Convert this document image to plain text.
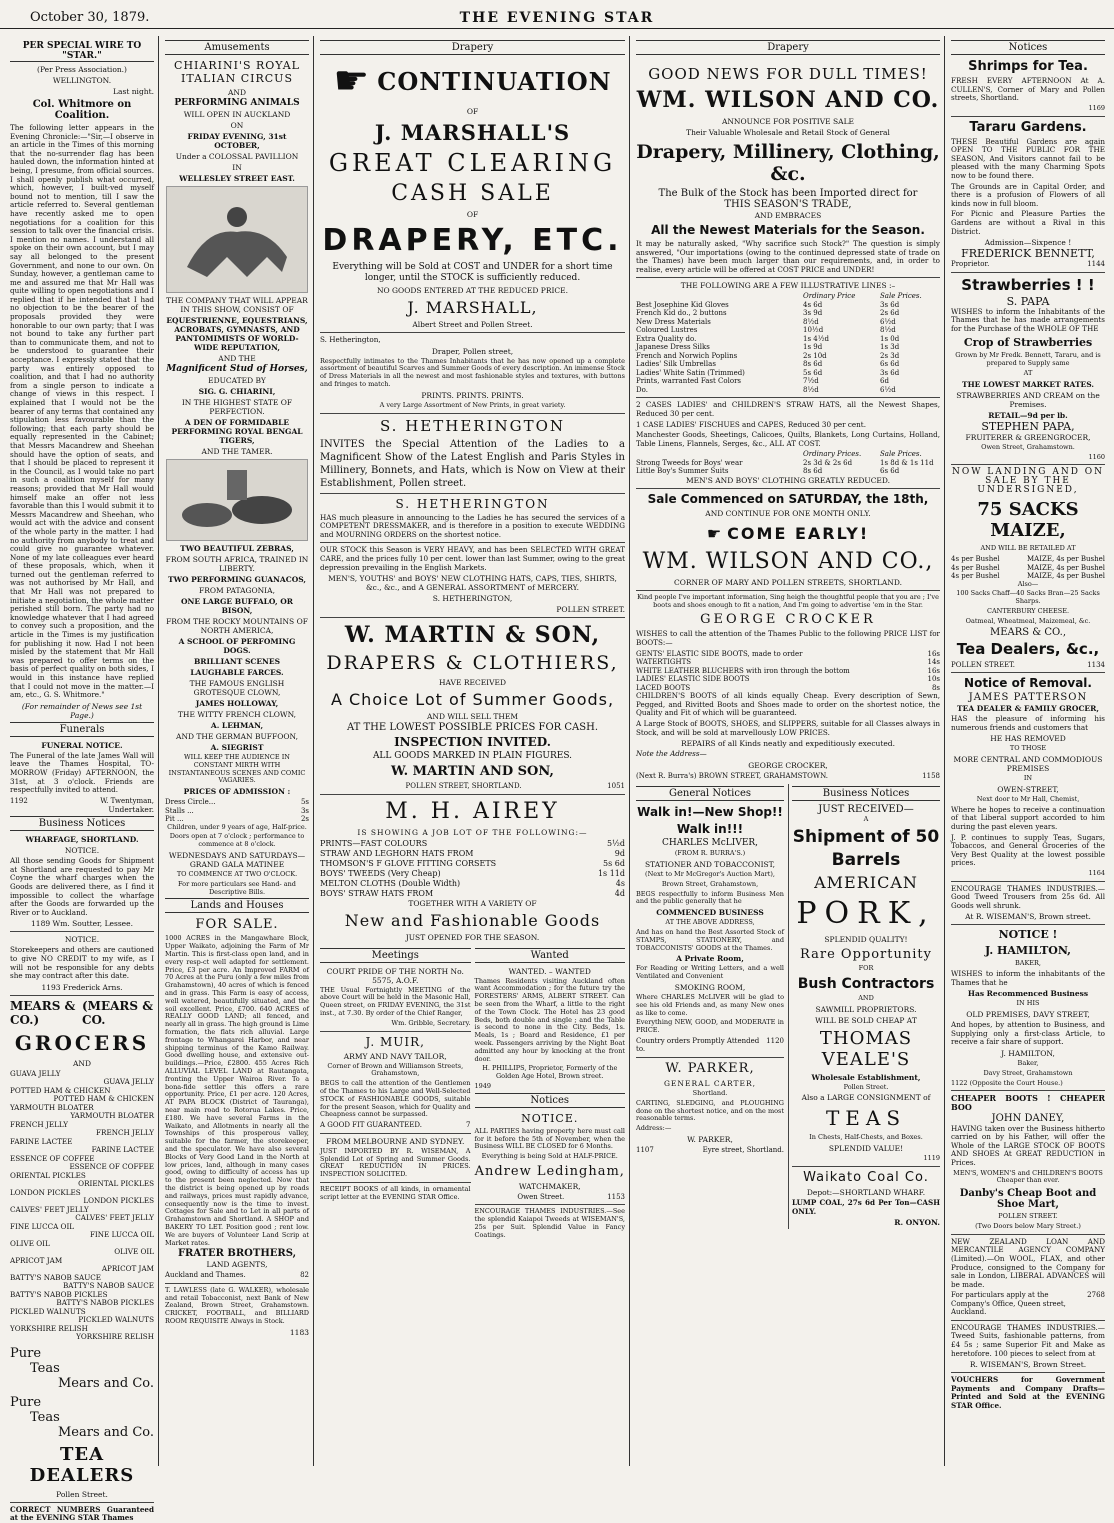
October 30, 1879.	THE EVENING STAR
PER SPECIAL WIRE TO "STAR."
(Per Press Association.)
WELLINGTON.
Last night.
Col. Whitmore on Coalition.

The following letter appears in the Evening Chronicle:—"Sir,—I observe in an article in the Times of this morning that the no-surrender flag has been hauled down, the information hinted at being, I presume, from official sources. I shall openly publish what occurred, which, however, I built-ved myself bound not to mention, till I saw the article referred to. Several gentleman have recently asked me to open negotiations for a coalition for this session to talk over the financial crisis. I mention no names. I understand all spoke on their own account, but I may say all belonged to the present Government, and none to our own. On Sunday, however, a gentleman came to me and assured me that Mr Hall was quite willing to open negotiations and I replied that if he intended that I had no objection to be the bearer of the proposals provided they were honorable to our own party; that I was not bound to take any further part than to communicate them, and not to be understood to guarantee their acceptance. I expressly stated that the party was entirely opposed to coalition, and that I had no authority from a single person to indicate a change of views in this respect. I explained that I would not be the bearer of any terms that contained any stipulation less favourable than the following; that each party should be equally represented in the Cabinet; that Messrs Macandrew and Sheehan should have the option of seats, and that I should be placed to represent it in the Council, as I would take no part in such a coalition myself for many reasons; provided that Mr Hall would himself make an offer not less favorable than this I would submit it to Messrs Macandrew and Sheehan, who would act with the advice and consent of the whole party in the matter. I had no authority from anybody to treat and could give no guarantee whatever. None of my late colleagues ever heard of these proposals, which, when it turned out the gentleman referred to was not authorised by Mr Hall, and that Mr Hall was not prepared to initiate a negotiation, the whole matter perished still born. The party had no knowledge whatever that I had agreed to convey such a proposition, and the article in the Times is my justification for publishing it now. Had I not been misled by the statement that Mr Hall was prepared to offer terms on the basis of perfect quality on both sides, I would in this instance have replied that I could not move in the matter.—I am, etc., G. S. Whitmore."

(For remainder of News see 1st Page.)
Funerals
FUNERAL NOTICE.

The Funeral of the late James Wall will leave the Thames Hospital, TO-MORROW (Friday) AFTERNOON, the 31st, at 3 o'clock. Friends are respectfully invited to attend.

1192	W. Twentyman,
Undertaker.
Business Notices
WHARFAGE, SHORTLAND.
NOTICE.

All those sending Goods for Shipment at Shortland are requested to pay Mr Coyne the wharf charges when the Goods are delivered there, as I find it impossible to collect the wharfage after the Goods are forwarded up the River or to Auckland.

1189 Wm. Soutter, Lessee.
NOTICE.

Storekeepers and others are cautioned to give NO CREDIT to my wife, as I will not be responsible for any debts she may contract after this date.

1193 Frederick Arns.
MEARS & CO.)
(MEARS & CO.
GROCERS
AND
GUAVA JELLY
GUAVA JELLY
POTTED HAM & CHICKEN
POTTED HAM & CHICKEN
YARMOUTH BLOATER
YARMOUTH BLOATER
FRENCH JELLY
FRENCH JELLY
FARINE LACTEE
FARINE LACTEE
ESSENCE OF COFFEE
ESSENCE OF COFFEE
ORIENTAL PICKLES
ORIENTAL PICKLES
LONDON PICKLES
LONDON PICKLES
CALVES' FEET JELLY
CALVES' FEET JELLY
FINE LUCCA OIL
FINE LUCCA OIL
OLIVE OIL
OLIVE OIL
APRICOT JAM
APRICOT JAM
BATTY'S NABOB SAUCE
BATTY'S NABOB SAUCE
BATTY'S NABOB PICKLES
BATTY'S NABOB PICKLES
PICKLED WALNUTS
PICKLED WALNUTS
YORKSHIRE RELISH
YORKSHIRE RELISH
Pure
Teas
Mears and Co.
Pure
Teas
Mears and Co.
TEA DEALERS
Pollen Street.
CORRECT NUMBERS Guaranteed at the EVENING STAR Thames
Amusements
CHIARINI'S ROYAL ITALIAN CIRCUS
AND
PERFORMING ANIMALS
WILL OPEN IN AUCKLAND
ON
FRIDAY EVENING, 31st OCTOBER,
Under a COLOSSAL PAVILLION
IN
WELLESLEY STREET EAST.
THE COMPANY THAT WILL APPEAR IN THIS SHOW, CONSIST OF
EQUESTRIENNE, EQUESTRIANS, ACROBATS, GYMNASTS, AND PANTOMIMISTS OF WORLD-WIDE REPUTATION,
AND THE
Magnificent Stud of Horses,
EDUCATED BY
SIG. G. CHIARINI,
IN THE HIGHEST STATE OF PERFECTION.
A DEN OF FORMIDABLE PERFORMING ROYAL BENGAL TIGERS,
AND THE TAMER.
TWO BEAUTIFUL ZEBRAS,
FROM SOUTH AFRICA, TRAINED IN LIBERTY.
TWO PERFORMING GUANACOS,
FROM PATAGONIA,
ONE LARGE BUFFALO, OR BISON,
FROM THE ROCKY MOUNTAINS OF NORTH AMERICA,
A SCHOOL OF PERFOMING DOGS.
BRILLIANT SCENES
LAUGHABLE FARCES.
THE FAMOUS ENGLISH GROTESQUE CLOWN,
JAMES HOLLOWAY,
THE WITTY FRENCH CLOWN,
A. LEHMAN,
AND THE GERMAN BUFFOON,
A. SIEGRIST
WILL KEEP THE AUDIENCE IN CONSTANT MIRTH WITH INSTANTANEOUS SCENES AND COMIC VAGARIES.
PRICES OF ADMISSION :
Dress Circle...	5s
Stalls ...	3s
Pit ...	2s
Children, under 9 years of age, Half-price.
Doors open at 7 o'clock ; performance to commence at 8 o'clock.
WEDNESDAYS AND SATURDAYS— GRAND GALA MATINEE
TO COMMENCE AT TWO O'CLOCK.
For more particulars see Hand- and Descriptive Bills.
Lands and Houses
FOR SALE.

1000 ACRES in the Mangawhare Block, Upper Waikato, adjoining the Farm of Mr Martin. This is first-class open land, and in every resp-ct well adapted for settlement. Price, £3 per acre. An Improved FARM of 70 Acres at the Puru (only a few miles from Grahamstown), 40 acres of which is fenced and in grass. This Farm is easy of access, well watered, beautifully situated, and the soil excellent. Price, £700. 640 ACRES of REALLY GOOD LAND; all fenced, and nearly all in grass. The high ground is Lime formation, the flats rich alluvial. Large frontage to Whangarei Harbor, and near shipping terminus of the Kamo Railway. Good dwelling house, and extensive out-buildings.—Price, £2800. 455 Acres Rich ALLUVIAL LEVEL LAND at Rautangata, fronting the Upper Wairoa River. To a bona-fide settler this offers a rare opportunity. Price, £1 per acre. 120 Acres, AT PAPA BLOCK (District of Tauranga), near main road to Rotorua Lakes. Price, £180. We have several Farms in the Waikato, and Allotments in nearly all the Townships of this prosperous valley, suitable for the farmer, the storekeeper, and the speculator. We have also several Blocks of Very Good Land in the North at low prices, land, although in many cases good, owing to difficulty of access has up to the present been neglected. Now that the district is being opened up by roads and railways, prices must rapidly advance, consequently now is the time to invest. Cottages for Sale and to Let in all parts of Grahamstown and Shortland. A SHOP and BAKERY TO LET. Position good ; rent low. We are buyers of Volunteer Land Scrip at Market rates.

FRATER BROTHERS,
LAND AGENTS,
Auckland and Thames.	82

T. LAWLESS (late G. WALKER), wholesale and retail Tobacconist, next Bank of New Zealand, Brown Street, Grahamstown. CRICKET, FOOTBALL, and BILLIARD ROOM REQUISITE Always in Stock.

1183
Drapery
☛ CONTINUATION
OF
J. MARSHALL'S
GREAT CLEARING
CASH SALE
OF
DRAPERY, ETC.
Everything will be Sold at COST and UNDER for a short time longer, until the STOCK is sufficiently reduced.
NO GOODS ENTERED AT THE REDUCED PRICE.
J. MARSHALL,
Albert Street and Pollen Street.
S. Hetherington,
Draper, Pollen street,

Respectfully intimates to the Thames Inhabitants that he has now opened up a complete assortment of beautiful Scarves and Summer Goods of every description. An immense Stock of Dress Materials in all the newest and most fashionable styles and textures, with buttons and fringes to match.

PRINTS. PRINTS. PRINTS.
A very Large Assortment of New Prints, in great variety.
S. HETHERINGTON

INVITES the Special Attention of the Ladies to a Magnificent Show of the Latest English and Paris Styles in Millinery, Bonnets, and Hats, which is Now on View at their Establishment, Pollen street.

S. HETHERINGTON

HAS much pleasure in announcing to the Ladies he has secured the services of a COMPETENT DRESSMAKER, and is therefore in a position to execute WEDDING and MOURNING ORDERS on the shortest notice.

OUR STOCK this Season is VERY HEAVY, and has been SELECTED WITH GREAT CARE, and the prices fully 10 per cent. lower than last Summer, owing to the great depression prevailing in the English Markets.

MEN'S, YOUTHS' and BOYS' NEW CLOTHING HATS, CAPS, TIES, SHIRTS, &c., &c., and A GENERAL ASSORTMENT of MERCERY.
S. HETHERINGTON,
POLLEN STREET.
W. MARTIN & SON,
DRAPERS & CLOTHIERS,
HAVE RECEIVED
A Choice Lot of Summer Goods,
AND WILL SELL THEM
AT THE LOWEST POSSIBLE PRICES FOR CASH.
INSPECTION INVITED.
ALL GOODS MARKED IN PLAIN FIGURES.
W. MARTIN AND SON,
POLLEN STREET, SHORTLAND.	1051
M. H. AIREY
IS SHOWING A JOB LOT OF THE FOLLOWING:—
PRINTS—FAST COLOURS	5½d
STRAW AND LEGHORN HATS FROM	9d
THOMSON'S F GLOVE FITTING CORSETS	5s 6d
BOYS' TWEEDS (Very Cheap)	1s 11d
MELTON CLOTHS (Double Width)	4s
BOYS' STRAW HATS FROM	4d
TOGETHER WITH A VARIETY OF
New and Fashionable Goods
JUST OPENED FOR THE SEASON.
Meetings
COURT PRIDE OF THE NORTH No. 5575, A.O.F.

THE Usual Fortnightly MEETING of the above Court will be held in the Masonic Hall, Queen street, on FRIDAY EVENING, the 31st inst., at 7.30. By order of the Chief Ranger,

Wm. Gribble, Secretary.
J. MUIR,
ARMY AND NAVY TAILOR,
Corner of Brown and Williamson Streets, Grahamstown,

BEGS to call the attention of the Gentlemen of the Thames to his Large and Well-Selected STOCK of FASHIONABLE GOODS, suitable for the present Season, which for Quality and Cheapness cannot be surpassed.

A GOOD FIT GUARANTEED.	7
FROM MELBOURNE AND SYDNEY.

JUST IMPORTED BY R. WISEMAN, A Splendid Lot of Spring and Summer Goods. GREAT REDUCTION IN PRICES. INSPECTION SOLICITED.

RECEIPT BOOKS of all kinds, in ornamental script letter at the EVENING STAR Office.

Wanted
WANTED. – WANTED

Thames Residents visiting Auckland often want Accommodation ; for the future try the FORESTERS' ARMS, ALBERT STREET. Can be seen from the Wharf, a little to the right of the Town Clock. The Hotel has 23 good Beds, both double and single ; and the Table is second to none in the City. Beds, 1s. Meals, 1s ; Board and Residence, £1 per week. Passengers arriving by the Night Boat admitted any hour by knocking at the front door.

H. PHILLIPS, Proprietor, Formerly of the Golden Age Hotel, Brown street.
1949
Notices
NOTICE.

ALL PARTIES having property here must call for it before the 5th of November, when the Business WILL BE CLOSED for 6 Months.

Everything is being Sold at HALF-PRICE.
Andrew Ledingham,
WATCHMAKER,
Owen Street.	1153

ENCOURAGE THAMES INDUSTRIES.—See the splendid Kaiapoi Tweeds at WISEMAN'S, 25s per Suit. Splendid Value in Fancy Coatings.

Drapery
GOOD NEWS FOR DULL TIMES!
WM. WILSON AND CO.
ANNOUNCE FOR POSITIVE SALE
Their Valuable Wholesale and Retail Stock of General
Drapery, Millinery, Clothing, &c.
The Bulk of the Stock has been Imported direct for
THIS SEASON'S TRADE,
AND EMBRACES
All the Newest Materials for the Season.

It may be naturally asked, "Why sacrifice such Stock?" The question is simply answered, "Our importations (owing to the continued depressed state of trade on the Thames) have been much larger than our requirements, and, in order to realise, every article will be offered at COST PRICE and UNDER!

THE FOLLOWING ARE A FEW ILLUSTRATIVE LINES :–
Ordinary Price	Sale Prices.
Best Josephine Kid Gloves	4s 6d	3s 6d
French Kid do., 2 buttons	3s 9d	2s 6d
New Dress Materials	8½d	6½d
Coloured Lustres	10½d	8½d
Extra Quality do.	1s 4½d	1s 0d
Japanese Dress Silks	1s 9d	1s 3d
French and Norwich Poplins	2s 10d	2s 3d
Ladies' Silk Umbrellas	8s 6d	6s 6d
Ladies' White Satin (Trimmed)	5s 6d	3s 6d
Prints, warranted Fast Colors	7½d	6d
Do.	8½d	6½d

2 CASES LADIES' and CHILDREN'S STRAW HATS, all the Newest Shapes, Reduced 30 per cent.

1 CASE LADIES' FISCHUES and CAPES, Reduced 30 per cent.

Manchester Goods, Sheetings, Calicoes, Quilts, Blankets, Long Curtains, Holland, Table Linens, Flannels, Serges, &c., ALL AT COST.

Ordinary Prices.	Sale Prices.
Strong Tweeds for Boys' wear	2s 3d & 2s 6d	1s 8d & 1s 11d
Little Boy's Summer Suits	8s 6d	6s 6d
MEN'S AND BOYS' CLOTHING GREATLY REDUCED.
Sale Commenced on SATURDAY, the 18th,
AND CONTINUE FOR ONE MONTH ONLY.
☛ COME EARLY!
WM. WILSON AND CO.,
CORNER OF MARY AND POLLEN STREETS, SHORTLAND.
Kind people I've important information, Sing heigh the thoughtful people that you are ; I've boots and shoes enough to fit a nation, And I'm going to advertise 'em in the Star.
GEORGE CROCKER

WISHES to call the attention of the Thames Public to the following PRICE LIST for BOOTS:—

GENTS' ELASTIC SIDE BOOTS, made to order	16s
WATERTIGHTS	14s
WHITE LEATHER BLUCHERS with iron through the bottom	16s
LADIES' ELASTIC SIDE BOOTS	10s
LACED BOOTS	8s

CHILDREN'S BOOTS of all kinds equally Cheap. Every description of Sewn, Pegged, and Rivitted Boots and Shoes made to order on the shortest notice, the Quality and Fit of which will be guaranteed.

A Large Stock of BOOTS, SHOES, and SLIPPERS, suitable for all Classes always in Stock, and will be sold at marvellously LOW PRICES.

REPAIRS of all Kinds neatly and expeditiously executed.
Note the Address—
GEORGE CROCKER,
(Next R. Burra's) BROWN STREET, GRAHAMSTOWN.	1158
General Notices
Walk in!—New Shop!!
Walk in!!!
CHARLES McLIVER,
(FROM R. BURRA'S.)
STATIONER AND TOBACCONIST,
(Next to Mr McGregor's Auction Mart),
Brown Street, Grahamstown,

BEGS respectfully to inform Business Men and the public generally that he

COMMENCED BUSINESS
AT THE ABOVE ADDRESS,

And has on hand the Best Assorted Stock of STAMPS, STATIONERY, and TOBACCONISTS' GOODS at the Thames.

A Private Room,

For Reading or Writing Letters, and a well Ventilated and Convenient

SMOKING ROOM,

Where CHARLES McLIVER will be glad to see his old Friends and, as many New ones as like to come.

Everything NEW, GOOD, and MODERATE in PRICE.

Country orders Promptly Attended to.
1120
W. PARKER,
GENERAL CARTER,
Shortland.

CARTING, SLEDGING, and PLOUGHING done on the shortest notice, and on the most reasonable terms.

Address:—
W. PARKER,
1107	Eyre street, Shortland.
Business Notices
JUST RECEIVED—
A
Shipment of 50
Barrels
AMERICAN
PORK,
SPLENDID QUALITY!
Rare Opportunity
FOR
Bush Contractors
AND
SAWMILL PROPRIETORS.
WILL BE SOLD CHEAP AT
THOMAS VEALE'S
Wholesale Establishment,
Pollen Street.
Also a LARGE CONSIGNMENT of
TEAS
In Chests, Half-Chests, and Boxes.
SPLENDID VALUE!
1119
Waikato Coal Co.
Depot:—SHORTLAND WHARF.

LUMP COAL, 27s 6d Per Ton—CASH ONLY.

R. ONYON.
Notices
Shrimps for Tea.

FRESH EVERY AFTERNOON At A. CULLEN'S, Corner of Mary and Pollen streets, Shortland.

1169
Tararu Gardens.

THESE Beautiful Gardens are again OPEN TO THE PUBLIC FOR THE SEASON, And Visitors cannot fail to be pleased with the many Charming Spots now to be found there.

The Grounds are in Capital Order, and there is a profusion of Flowers of all kinds now in full bloom.

For Picnic and Pleasure Parties the Gardens are without a Rival in this District.

Admission—Sixpence !
FREDERICK BENNETT,
Proprietor.	1144
Strawberries ! !
S. PAPA

WISHES to inform the Inhabitants of the Thames that he has made arrangements for the Purchase of the WHOLE OF THE

Crop of Strawberries
Grown by Mr Fredk. Bennett, Tararu, and is prepared to Supply same
AT
THE LOWEST MARKET RATES.
STRAWBERRIES AND CREAM on the Premises.
RETAIL—9d per lb.
STEPHEN PAPA,
FRUITERER & GREENGROCER,
Owen Street, Grahamstown.
1160
NOW LANDING AND ON SALE BY THE UNDERSIGNED,
75 SACKS MAIZE,
AND WILL BE RETAILED AT
4s per Bushel	MAIZE, 4s per Bushel
4s per Bushel	MAIZE, 4s per Bushel
4s per Bushel	MAIZE, 4s per Bushel
Also—
100 Sacks Chaff—40 Sacks Bran—25 Sacks Sharps.
CANTERBURY CHEESE.
Oatmeal, Wheatmeal, Maizemeal, &c.
MEARS & CO.,
Tea Dealers, &c.,
POLLEN STREET.	1134
Notice of Removal.
JAMES PATTERSON
TEA DEALER & FAMILY GROCER,

HAS the pleasure of informing his numerous friends and customers that

HE HAS REMOVED
TO THOSE
MORE CENTRAL AND COMMODIOUS PREMISES
IN
OWEN-STREET,
Next door to Mr Hall, Chemist,

Where he hopes to receive a continuation of that Liberal support accorded to him during the past eleven years.

J. P. continues to supply Teas, Sugars, Tobaccos, and General Groceries of the Very Best Quality at the lowest possible prices.

1164

ENCOURAGE THAMES INDUSTRIES.—Good Tweed Trousers from 25s 6d. All Goods well shrunk.

At R. WISEMAN'S, Brown street.
NOTICE !
J. HAMILTON,
BAKER,

WISHES to inform the inhabitants of the Thames that he

Has Recommenced Business
IN HIS
OLD PREMISES, DAVY STREET,

And hopes, by attention to Business, and Supplying only a first-class Article, to receive a fair share of support.

J. HAMILTON,
Baker,
Davy Street, Grahamstown
1122 (Opposite the Court House.)
CHEAPER BOOTS ! CHEAPER BOO
JOHN DANEY,

HAVING taken over the Business hitherto carried on by his Father, will offer the Whole of the LARGE STOCK OF BOOTS AND SHOES At GREAT REDUCTION in Prices.

MEN'S, WOMEN'S and CHILDREN'S BOOTS Cheaper than ever.
Danby's Cheap Boot and Shoe Mart,
POLLEN STREET.
(Two Doors below Mary Street.)

NEW ZEALAND LOAN AND MERCANTILE AGENCY COMPANY (Limited).—On WOOL, FLAX, and other Produce, consigned to the Company for sale in London, LIBERAL ADVANCES will be made.

For particulars apply at the Company's Office, Queen street, Auckland.
2768

ENCOURAGE THAMES INDUSTRIES.—Tweed Suits, fashionable patterns, from £4 5s ; same Superior Fit and Make as heretofore. 100 pieces to select from at

R. WISEMAN'S, Brown Street.

VOUCHERS for Government Payments and Company Drafts—Printed and Sold at the EVENING STAR Office.
